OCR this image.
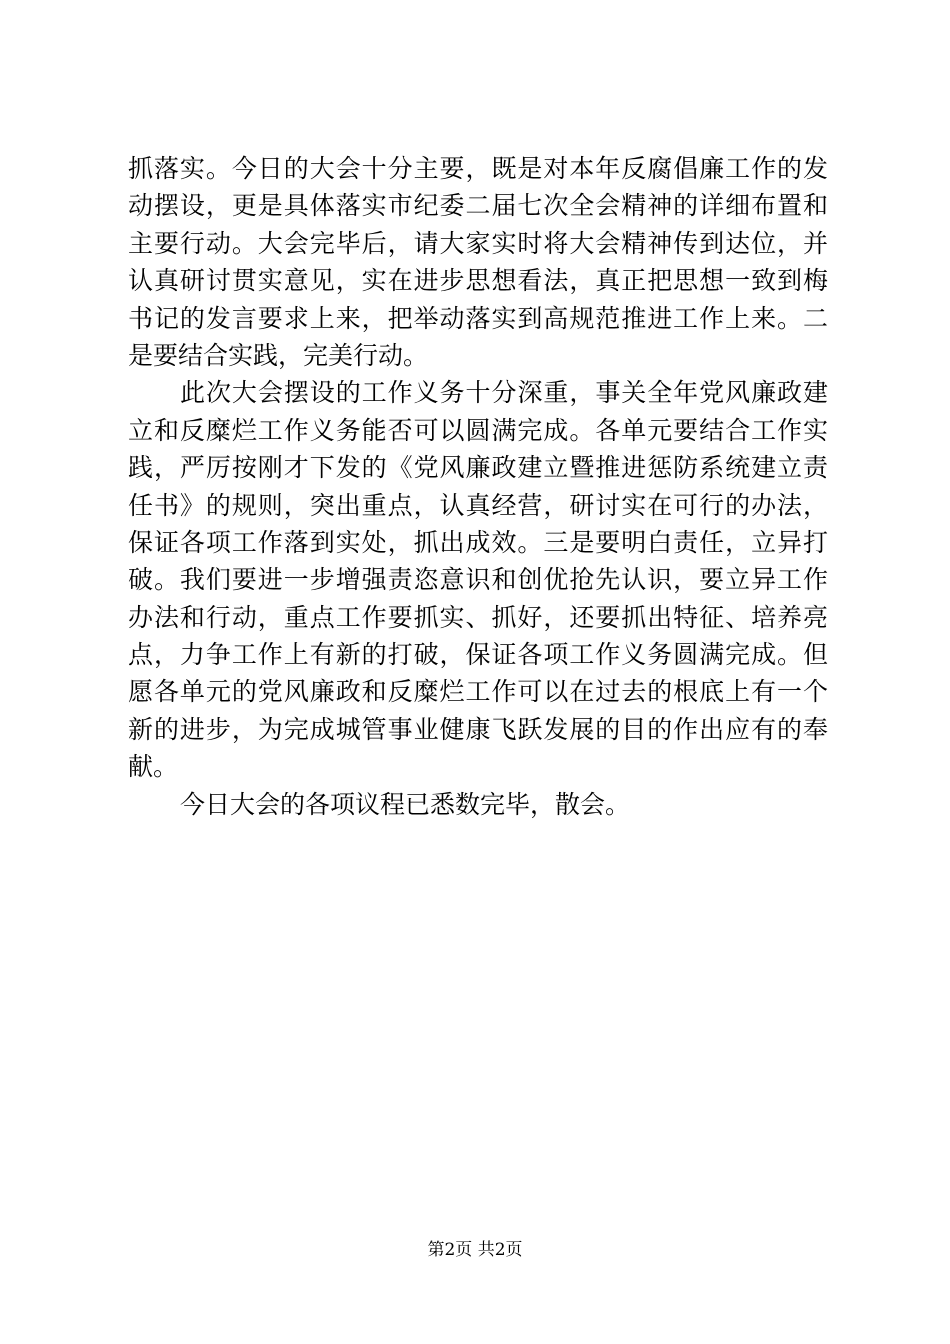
抓落实。今日的大会十分主要，既是对本年反腐倡廉工作的发
动摆设，更是具体落实市纪委二届七次全会精神的详细布置和
主要行动。大会完毕后，请大家实时将大会精神传到达位，并
认真研讨贯实意见，实在进步思想看法，真正把思想一致到梅
书记的发言要求上来，把举动落实到高规范推进工作上来。二
是要结合实践，完美行动。
此次大会摆设的工作义务十分深重，事关全年党风廉政建
立和反糜烂工作义务能否可以圆满完成。各单元要结合工作实
践，严厉按刚才下发的《党风廉政建立暨推进惩防系统建立责
任书》的规则，突出重点，认真经营，研讨实在可行的办法，
保证各项工作落到实处，抓出成效。三是要明白责任，立异打
破。我们要进一步增强责恣意识和创优抢先认识，要立异工作
办法和行动，重点工作要抓实、抓好，还要抓出特征、培养亮
点，力争工作上有新的打破，保证各项工作义务圆满完成。但
愿各单元的党风廉政和反糜烂工作可以在过去的根底上有一个
新的进步，为完成城管事业健康飞跃发展的目的作出应有的奉
献。
今日大会的各项议程已悉数完毕，散会。
第2页 共2页
